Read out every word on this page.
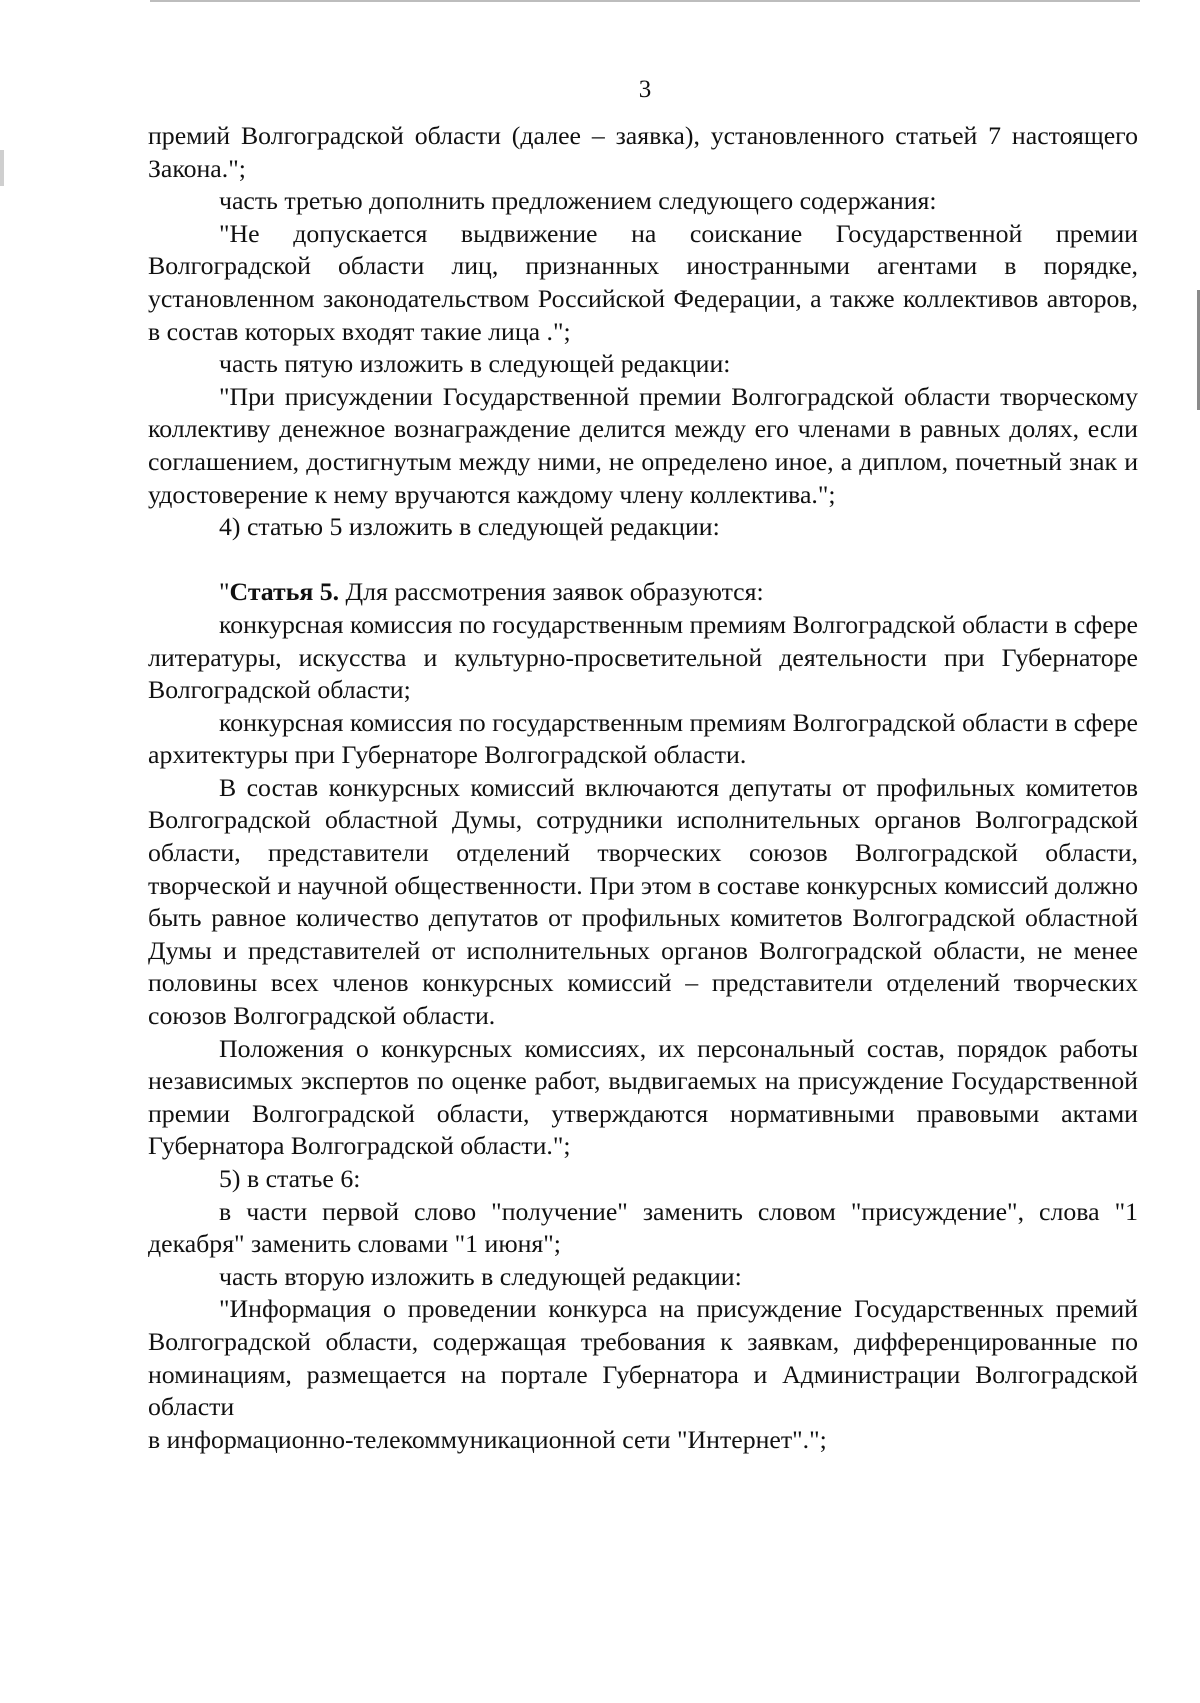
3

премий Волгоградской области (далее – заявка), установленного статьей 7 настоящего Закона.";

часть третью дополнить предложением следующего содержания:

"Не допускается выдвижение на соискание Государственной премии Волгоградской области лиц, признанных иностранными агентами в порядке, установленном законодательством Российской Федерации, а также коллективов авторов, в состав которых входят такие лица .";

часть пятую изложить в следующей редакции:

"При присуждении Государственной премии Волгоградской области творческому коллективу денежное вознаграждение делится между его членами в равных долях, если соглашением, достигнутым между ними, не определено иное, а диплом, почетный знак и удостоверение к нему вручаются каждому члену коллектива.";

4) статью 5 изложить в следующей редакции:

"Статья 5. Для рассмотрения заявок образуются:

конкурсная комиссия по государственным премиям Волгоградской области в сфере литературы, искусства и культурно-просветительной деятельности при Губернаторе Волгоградской области;

конкурсная комиссия по государственным премиям Волгоградской области в сфере архитектуры при Губернаторе Волгоградской области.

В состав конкурсных комиссий включаются депутаты от профильных комитетов Волгоградской областной Думы, сотрудники исполнительных органов Волгоградской области, представители отделений творческих союзов Волгоградской области, творческой и научной общественности. При этом в составе конкурсных комиссий должно быть равное количество депутатов от профильных комитетов Волгоградской областной Думы и представителей от исполнительных органов Волгоградской области, не менее половины всех членов конкурсных комиссий – представители отделений творческих союзов Волгоградской области.

Положения о конкурсных комиссиях, их персональный состав, порядок работы независимых экспертов по оценке работ, выдвигаемых на присуждение Государственной премии Волгоградской области, утверждаются нормативными правовыми актами Губернатора Волгоградской области.";

5) в статье 6:

в части первой слово "получение" заменить словом "присуждение", слова "1 декабря" заменить словами "1 июня";

часть вторую изложить в следующей редакции:

"Информация о проведении конкурса на присуждение Государственных премий Волгоградской области, содержащая требования к заявкам, дифференцированные по номинациям, размещается на портале Губернатора и Администрации Волгоградской области

в информационно-телекоммуникационной сети "Интернет".";
